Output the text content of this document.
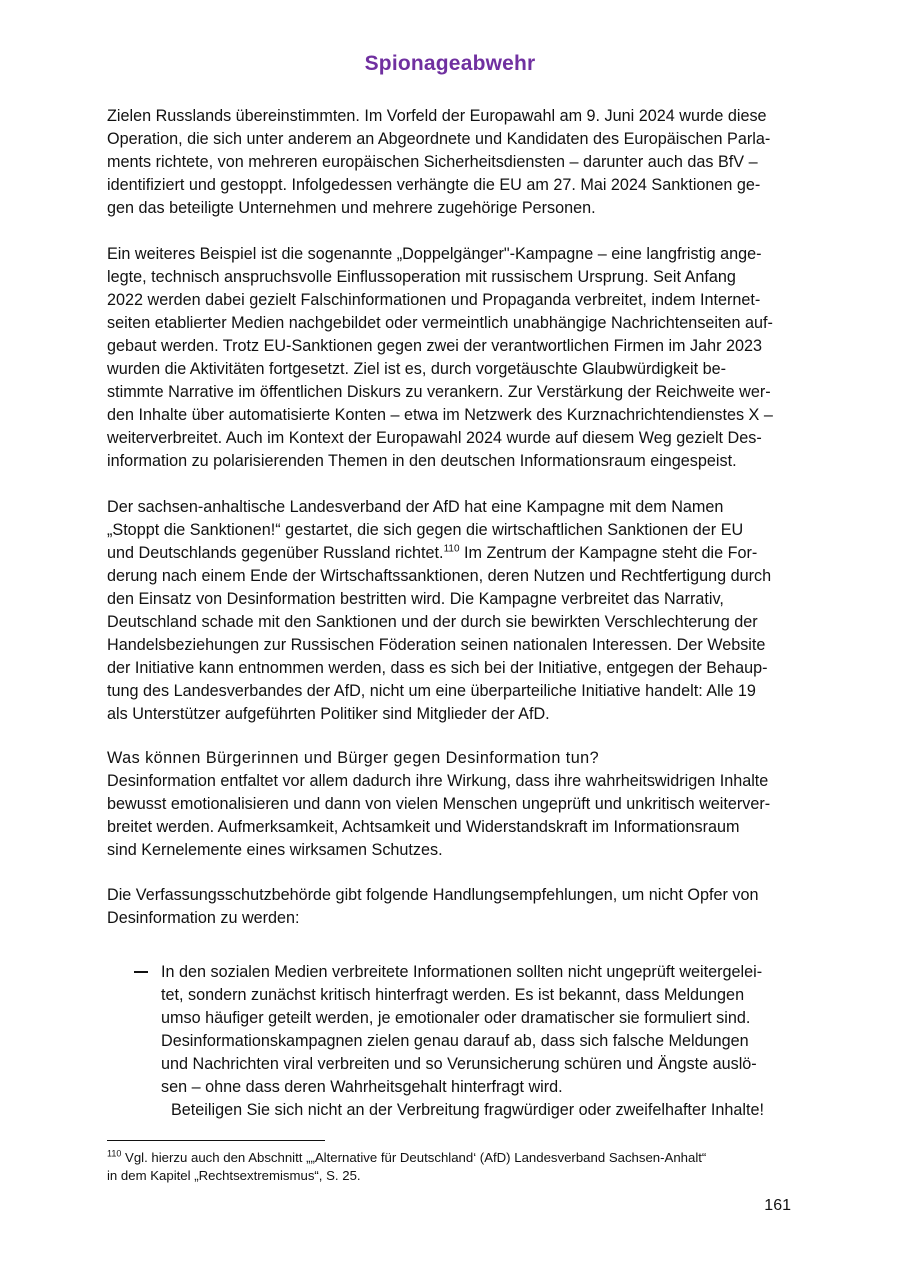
Spionageabwehr
Zielen Russlands übereinstimmten. Im Vorfeld der Europawahl am 9. Juni 2024 wurde diese
Operation, die sich unter anderem an Abgeordnete und Kandidaten des Europäischen Parla-
ments richtete, von mehreren europäischen Sicherheitsdiensten – darunter auch das BfV –
identifiziert und gestoppt. Infolgedessen verhängte die EU am 27. Mai 2024 Sanktionen ge-
gen das beteiligte Unternehmen und mehrere zugehörige Personen.
Ein weiteres Beispiel ist die sogenannte „Doppelgänger"-Kampagne – eine langfristig ange-
legte, technisch anspruchsvolle Einflussoperation mit russischem Ursprung. Seit Anfang
2022 werden dabei gezielt Falschinformationen und Propaganda verbreitet, indem Internet-
seiten etablierter Medien nachgebildet oder vermeintlich unabhängige Nachrichtenseiten auf-
gebaut werden. Trotz EU-Sanktionen gegen zwei der verantwortlichen Firmen im Jahr 2023
wurden die Aktivitäten fortgesetzt. Ziel ist es, durch vorgetäuschte Glaubwürdigkeit be-
stimmte Narrative im öffentlichen Diskurs zu verankern. Zur Verstärkung der Reichweite wer-
den Inhalte über automatisierte Konten – etwa im Netzwerk des Kurznachrichtendienstes X –
weiterverbreitet. Auch im Kontext der Europawahl 2024 wurde auf diesem Weg gezielt Des-
information zu polarisierenden Themen in den deutschen Informationsraum eingespeist.
Der sachsen-anhaltische Landesverband der AfD hat eine Kampagne mit dem Namen
„Stoppt die Sanktionen!“ gestartet, die sich gegen die wirtschaftlichen Sanktionen der EU
und Deutschlands gegenüber Russland richtet.$^{110}$ Im Zentrum der Kampagne steht die For-
derung nach einem Ende der Wirtschaftssanktionen, deren Nutzen und Rechtfertigung durch
den Einsatz von Desinformation bestritten wird. Die Kampagne verbreitet das Narrativ,
Deutschland schade mit den Sanktionen und der durch sie bewirkten Verschlechterung der
Handelsbeziehungen zur Russischen Föderation seinen nationalen Interessen. Der Website
der Initiative kann entnommen werden, dass es sich bei der Initiative, entgegen der Behaup-
tung des Landesverbandes der AfD, nicht um eine überparteiliche Initiative handelt: Alle 19
als Unterstützer aufgeführten Politiker sind Mitglieder der AfD.
Was können Bürgerinnen und Bürger gegen Desinformation tun?
Desinformation entfaltet vor allem dadurch ihre Wirkung, dass ihre wahrheitswidrigen Inhalte
bewusst emotionalisieren und dann von vielen Menschen ungeprüft und unkritisch weiterver-
breitet werden. Aufmerksamkeit, Achtsamkeit und Widerstandskraft im Informationsraum
sind Kernelemente eines wirksamen Schutzes.
Die Verfassungsschutzbehörde gibt folgende Handlungsempfehlungen, um nicht Opfer von
Desinformation zu werden:
In den sozialen Medien verbreitete Informationen sollten nicht ungeprüft weitergelei-
tet, sondern zunächst kritisch hinterfragt werden. Es ist bekannt, dass Meldungen
umso häufiger geteilt werden, je emotionaler oder dramatischer sie formuliert sind.
Desinformationskampagnen zielen genau darauf ab, dass sich falsche Meldungen
und Nachrichten viral verbreiten und so Verunsicherung schüren und Ängste auslö-
sen – ohne dass deren Wahrheitsgehalt hinterfragt wird.
Beteiligen Sie sich nicht an der Verbreitung fragwürdiger oder zweifelhafter Inhalte!
$^{110}$ Vgl. hierzu auch den Abschnitt „„Alternative für Deutschland‘ (AfD) Landesverband Sachsen-Anhalt“
in dem Kapitel „Rechtsextremismus“, S. 25.
161
